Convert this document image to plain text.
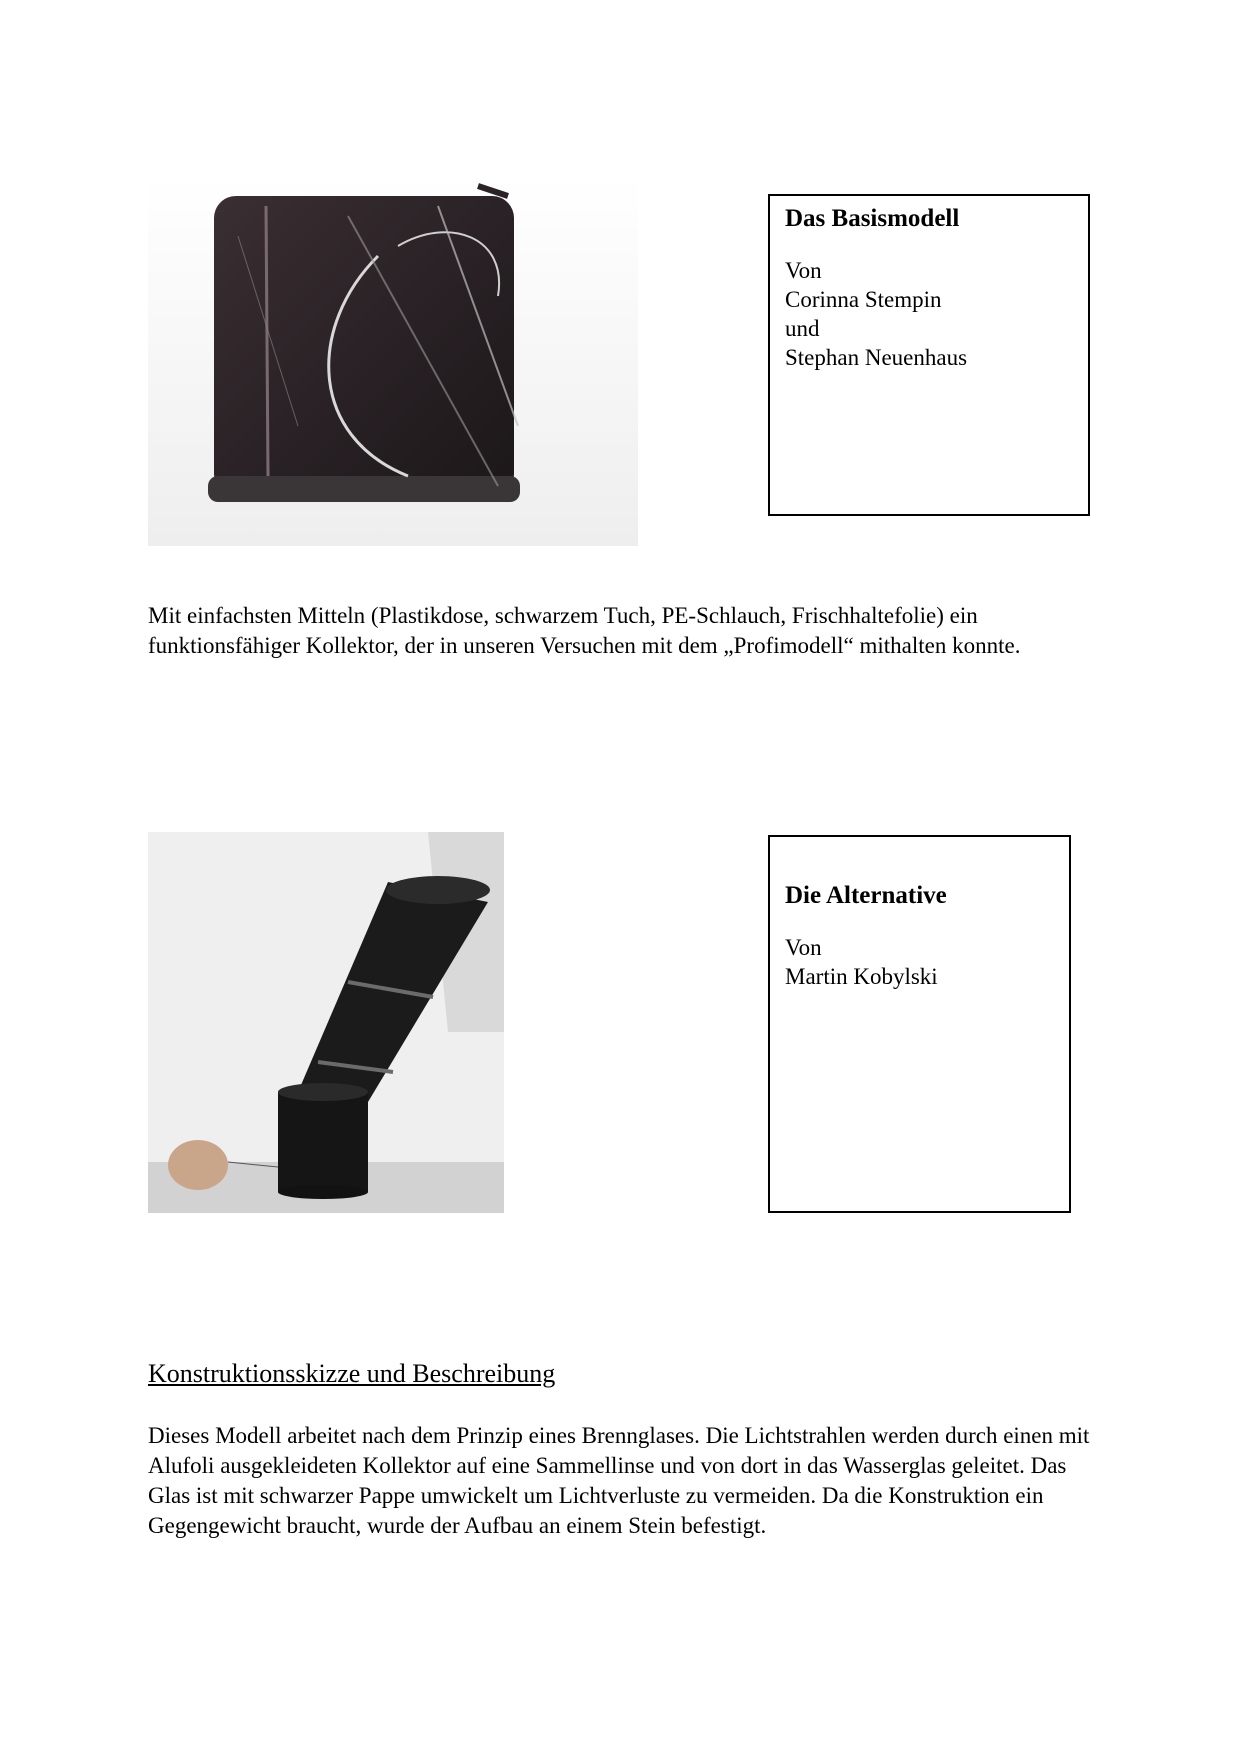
Das Basismodell

Von

Corinna Stempin

und

Stephan Neuenhaus

Mit einfachsten Mitteln (Plastikdose, schwarzem Tuch, PE-Schlauch, Frischhaltefolie) ein funktionsfähiger Kollektor, der in unseren Versuchen mit dem „Profimodell“ mithalten konnte.

Die Alternative

Von

Martin Kobylski

Konstruktionsskizze und Beschreibung

Dieses Modell arbeitet nach dem Prinzip eines Brennglases. Die Lichtstrahlen werden durch einen mit Alufoli ausgekleideten Kollektor auf eine Sammellinse und von dort in das Wasserglas geleitet. Das Glas ist mit schwarzer Pappe umwickelt um Lichtverluste zu vermeiden. Da die Konstruktion ein Gegengewicht braucht, wurde der Aufbau an einem Stein befestigt.
